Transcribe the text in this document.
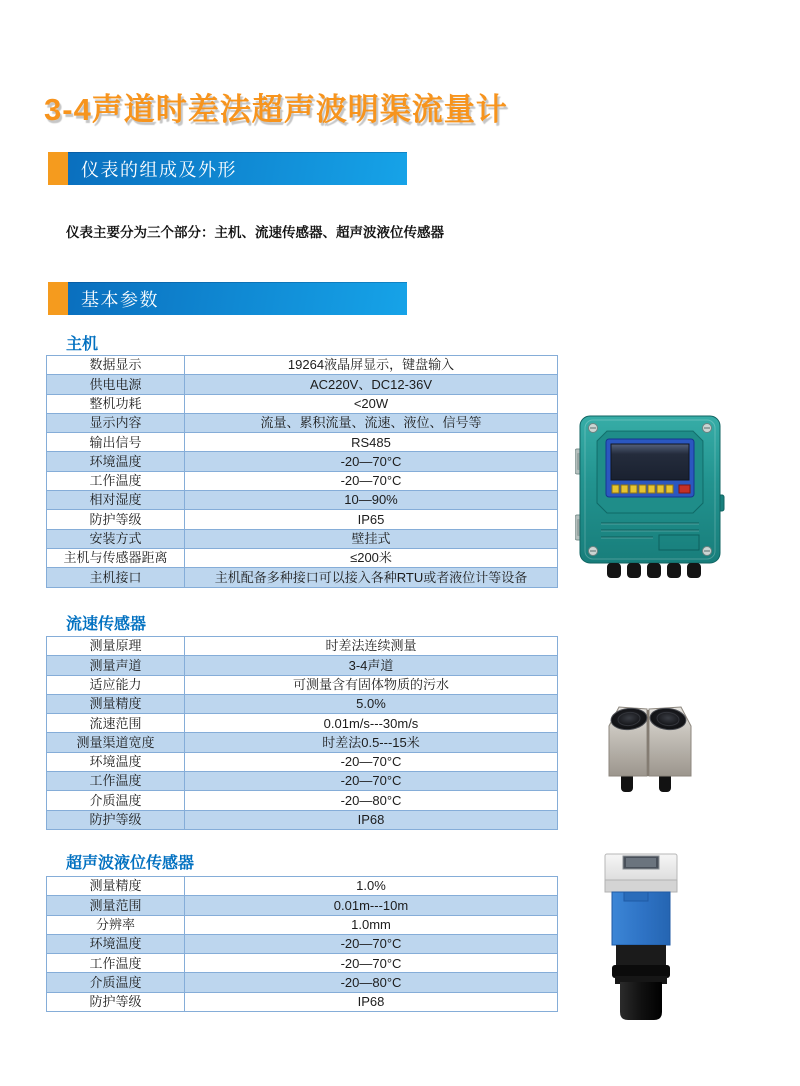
3-4声道时差法超声波明渠流量计
仪表的组成及外形

仪表主要分为三个部分：主机、流速传感器、超声波液位传感器

基本参数
主机
数据显示	19264液晶屏显示，键盘输入
供电电源	AC220V、DC12-36V
整机功耗	<20W
显示内容	流量、累积流量、流速、液位、信号等
输出信号	RS485
环境温度	-20—70°C
工作温度	-20—70°C
相对湿度	10—90%
防护等级	IP65
安装方式	壁挂式
主机与传感器距离	≤200米
主机接口	主机配备多种接口可以接入各种RTU或者液位计等设备
流速传感器
测量原理	时差法连续测量
测量声道	3-4声道
适应能力	可测量含有固体物质的污水
测量精度	5.0%
流速范围	0.01m/s---30m/s
测量渠道宽度	时差法0.5---15米
环境温度	-20—70°C
工作温度	-20—70°C
介质温度	-20—80°C
防护等级	IP68
超声波液位传感器
测量精度	1.0%
测量范围	0.01m---10m
分辨率	1.0mm
环境温度	-20—70°C
工作温度	-20—70°C
介质温度	-20—80°C
防护等级	IP68
